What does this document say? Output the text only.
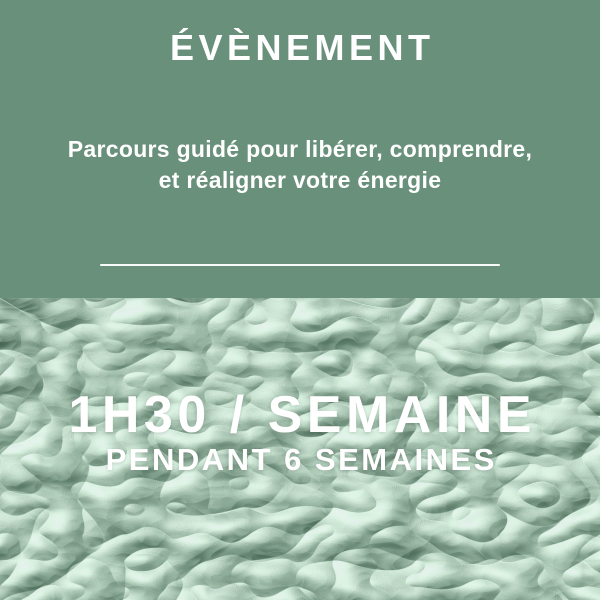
ÉVÈNEMENT

Parcours guidé pour libérer, comprendre,
et réaligner votre énergie

1H30 / SEMAINE
PENDANT 6 SEMAINES
